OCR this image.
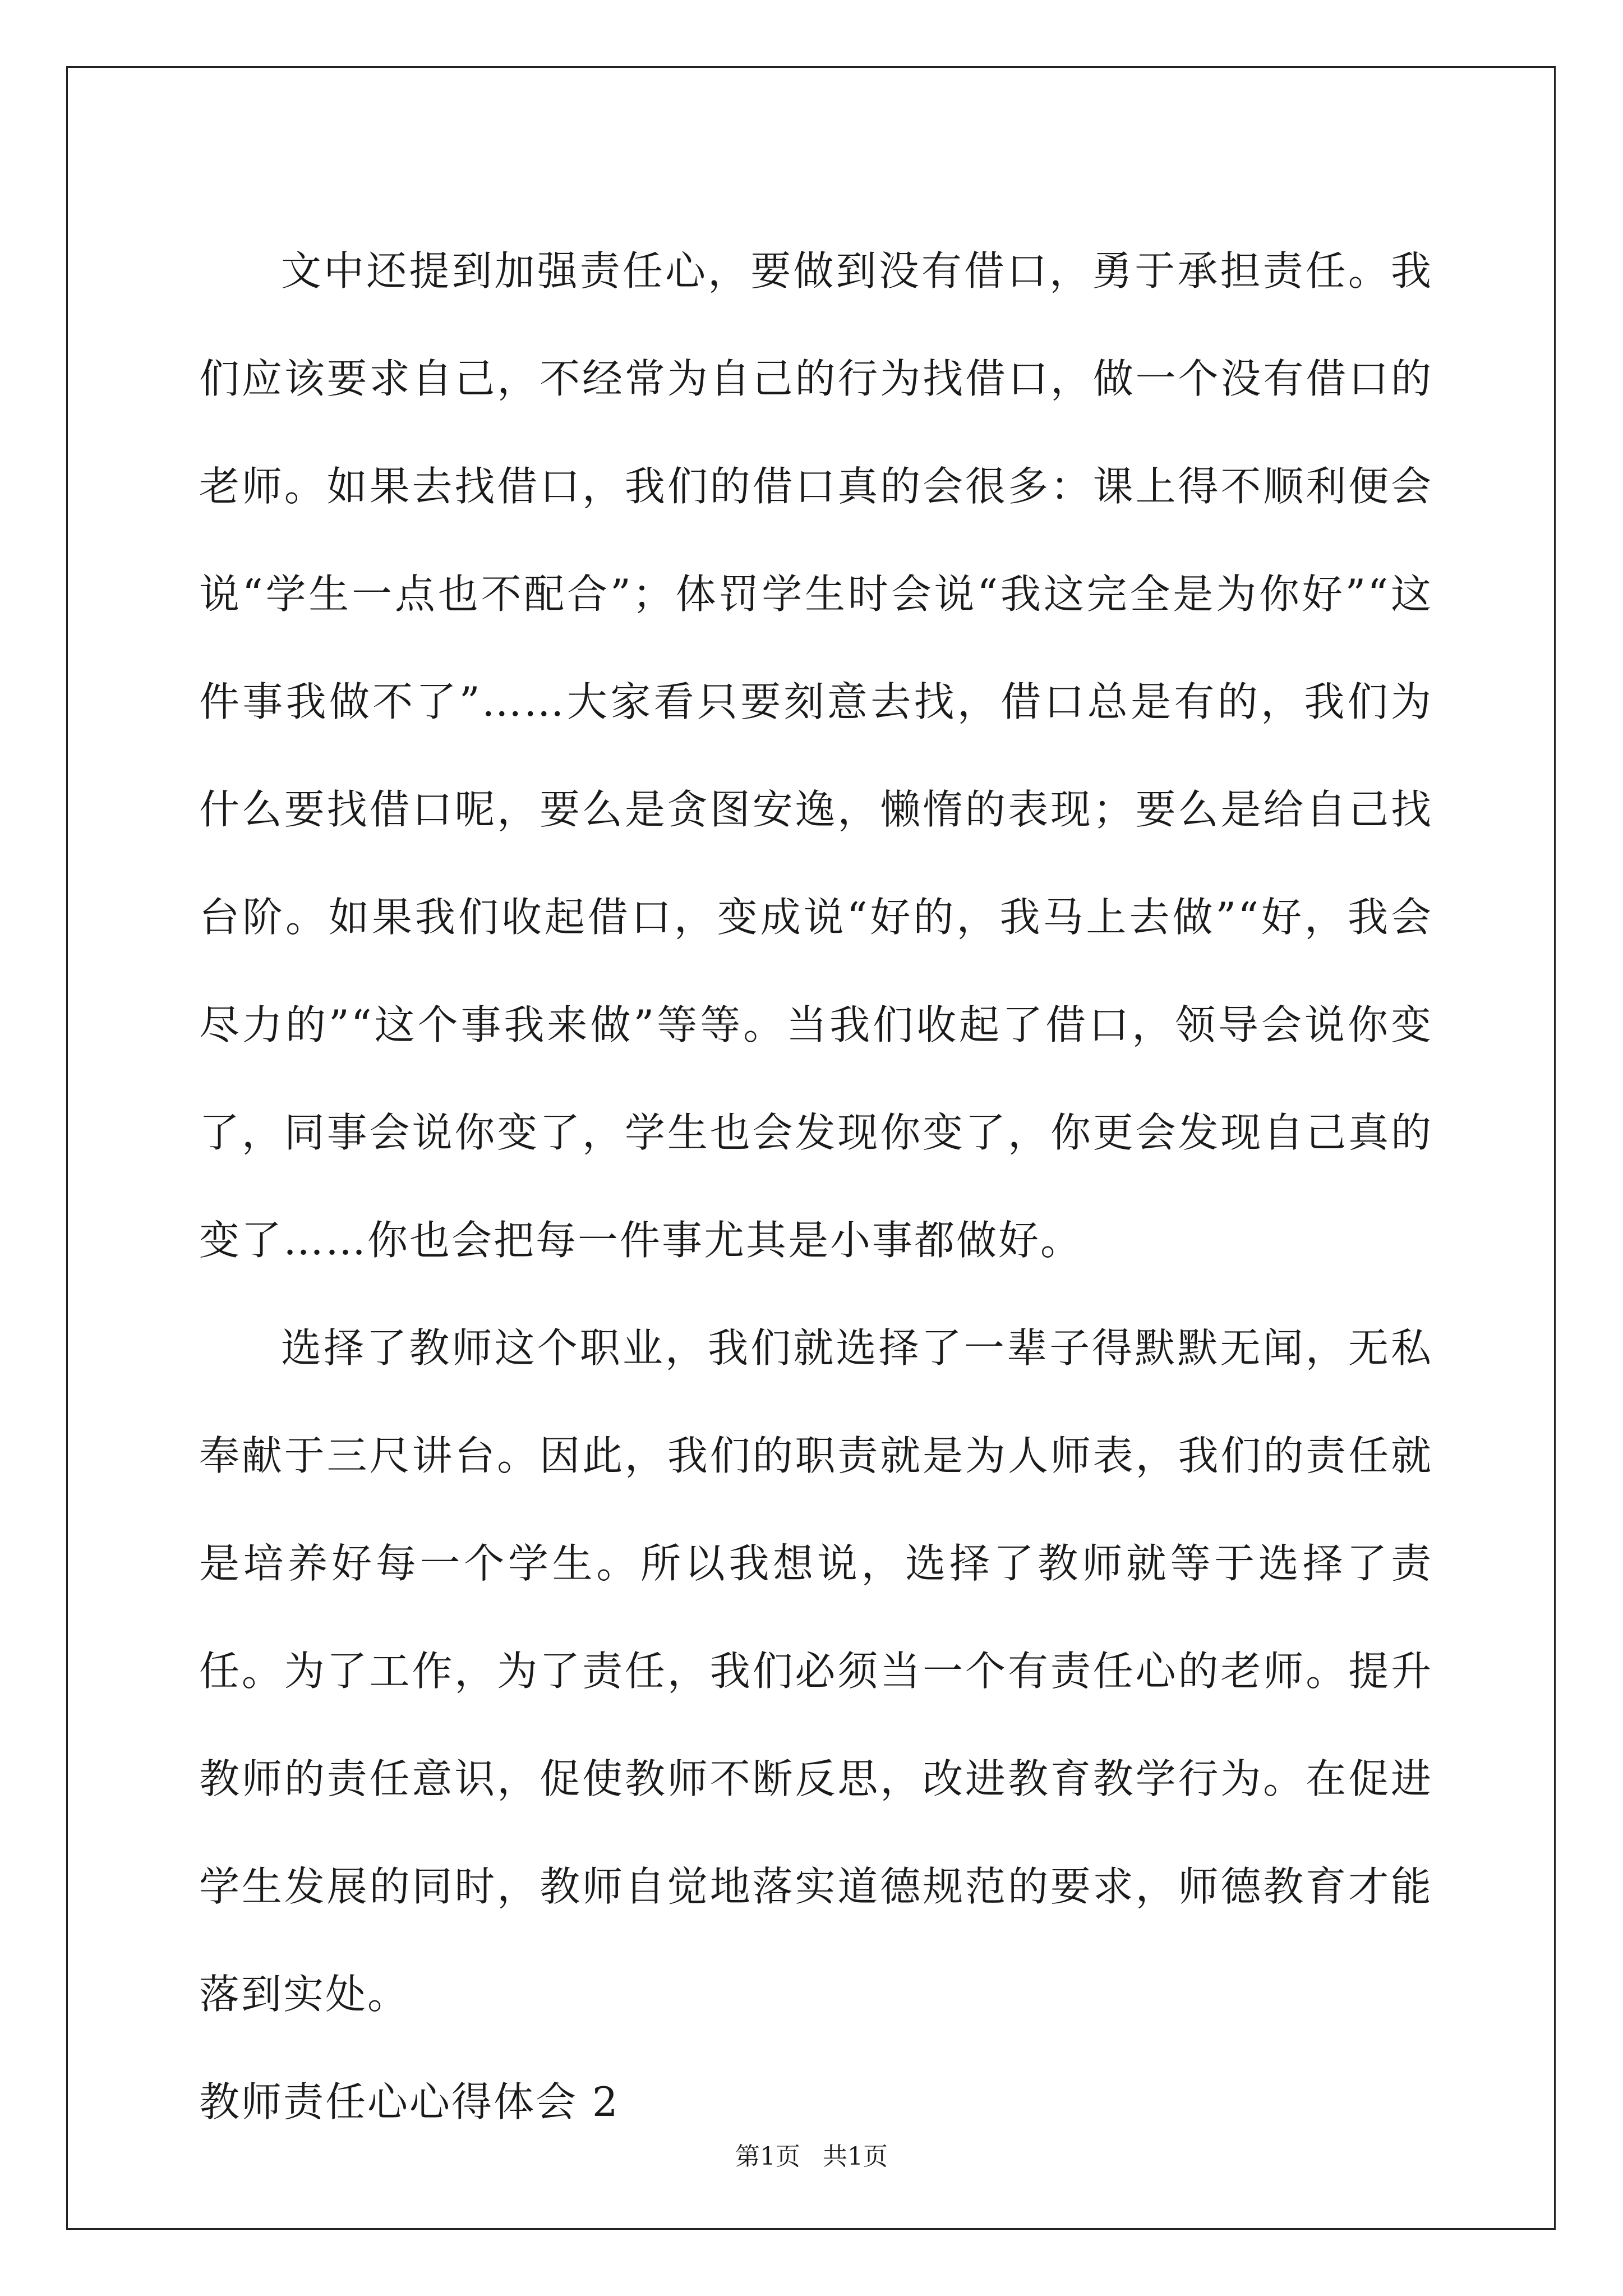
文中还提到加强责任心，要做到没有借口，勇于承担责任。我们应该要求自己，不经常为自己的行为找借口，做一个没有借口的老师。如果去找借口，我们的借口真的会很多：课上得不顺利便会说“学生一点也不配合”；体罚学生时会说“我这完全是为你好”“这件事我做不了”……大家看只要刻意去找，借口总是有的，我们为什么要找借口呢，要么是贪图安逸，懒惰的表现；要么是给自己找台阶。如果我们收起借口，变成说“好的，我马上去做”“好，我会尽力的”“这个事我来做”等等。当我们收起了借口，领导会说你变了，同事会说你变了，学生也会发现你变了，你更会发现自己真的变了……你也会把每一件事尤其是小事都做好。

选择了教师这个职业，我们就选择了一辈子得默默无闻，无私奉献于三尺讲台。因此，我们的职责就是为人师表，我们的责任就是培养好每一个学生。所以我想说，选择了教师就等于选择了责任。为了工作，为了责任，我们必须当一个有责任心的老师。提升教师的责任意识，促使教师不断反思，改进教育教学行为。在促进学生发展的同时，教师自觉地落实道德规范的要求，师德教育才能落到实处。

教师责任心心得体会 2
第1页 共1页
